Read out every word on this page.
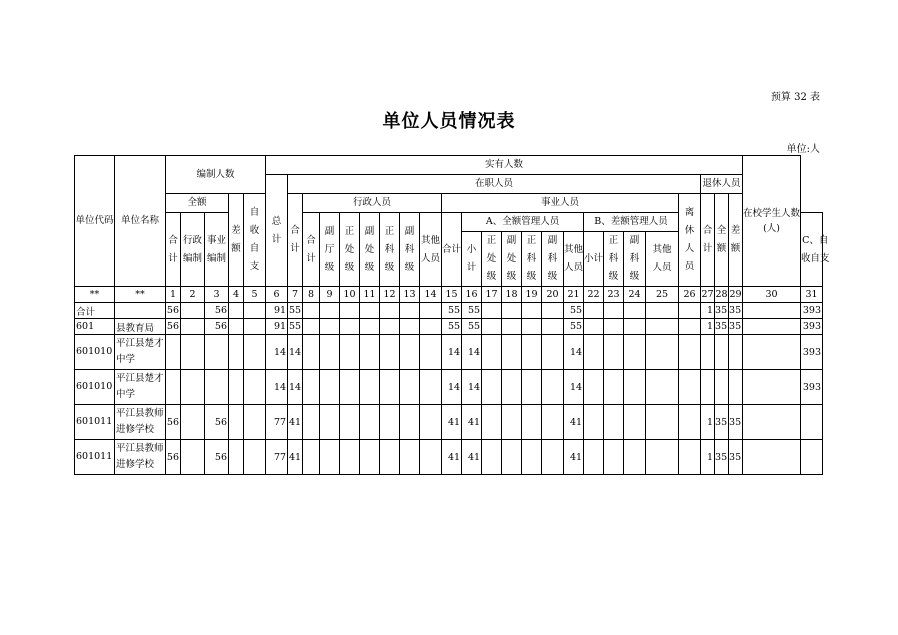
预算 32 表
单位人员情况表
单位:人
单位代码	单位名称	编制人数					实有人数																								在校学生人数(人)	
							总计	在职人员																				退休人员				
		全额			差额	自收自支		合计	行政人员							事业人员											离休人员	合计	全额	差额		
		合计	行政编制	事业编制					合计	副厅级	正处级	副处级	正科级	副科级	其他人员	合计	A、全额管理人员						B、差额管理人员									C、自收自支
																	小计	正处级	副处级	正科级	副科级	其他人员	小计	正科级	副科级	其他人员						
**	**	1	2	3	4	5	6	7	8	9	10	11	12	13	14	15	16	17	18	19	20	21	22	23	24	25	26	27	28	29	30	31
合计		56		56			91	55								55	55					55						1	35	35		393
601	县教育局	56		56			91	55								55	55					55						1	35	35		393
601010	平江县楚才中学						14	14								14	14					14										393
601010	平江县楚才中学						14	14								14	14					14										393
601011	平江县教师进修学校	56		56			77	41								41	41					41						1	35	35		
601011	平江县教师进修学校	56		56			77	41								41	41					41						1	35	35		
